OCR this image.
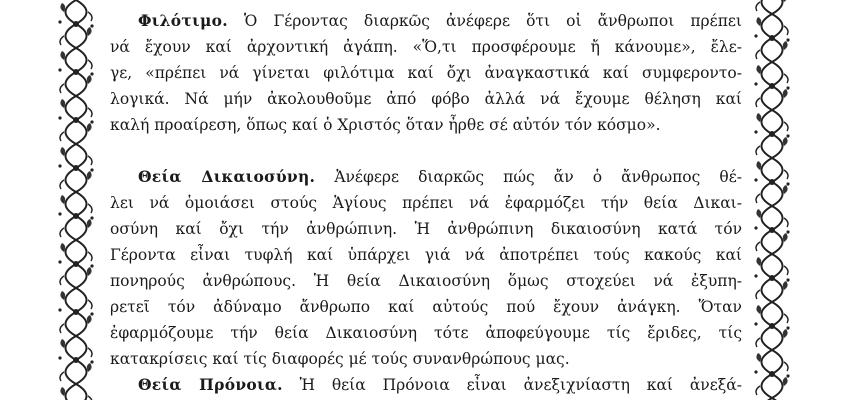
Φιλότιμο. Ὁ Γέροντας διαρκῶς ἀνέφερε ὅτι οἱ ἄνθρωποι πρέπει
νά ἔχουν καί ἀρχοντική ἀγάπη. «Ὅ,τι προσφέρουμε ἤ κάνουμε», ἔλε-
γε, «πρέπει νά γίνεται φιλότιμα καί ὄχι ἀναγκαστικά καί συμφεροντο-
λογικά. Νά μήν ἀκολουθοῦμε ἀπό φόβο ἀλλά νά ἔχουμε θέληση καί
καλή προαίρεση, ὅπως καί ὁ Χριστός ὅταν ἦρθε σέ αὐτόν τόν κόσμο».
Θεία Δικαιοσύνη. Ἀνέφερε διαρκῶς πώς ἄν ὁ ἄνθρωπος θέ-
λει νά ὁμοιάσει στούς Ἁγίους πρέπει νά ἐφαρμόζει τήν θεία Δικαι-
οσύνη καί ὄχι τήν ἀνθρώπινη. Ἡ ἀνθρώπινη δικαιοσύνη κατά τόν
Γέροντα εἶναι τυφλή καί ὑπάρχει γιά νά ἀποτρέπει τούς κακούς καί
πονηρούς ἀνθρώπους. Ἡ θεία Δικαιοσύνη ὅμως στοχεύει νά ἐξυπη-
ρετεῖ τόν ἀδύναμο ἄνθρωπο καί αὐτούς πού ἔχουν ἀνάγκη. Ὅταν
ἐφαρμόζουμε τήν θεία Δικαιοσύνη τότε ἀποφεύγουμε τίς ἔριδες, τίς
κατακρίσεις καί τίς διαφορές μέ τούς συνανθρώπους μας.
Θεία Πρόνοια. Ἡ θεία Πρόνοια εἶναι ἀνεξιχνίαστη καί ἀνεξά-
